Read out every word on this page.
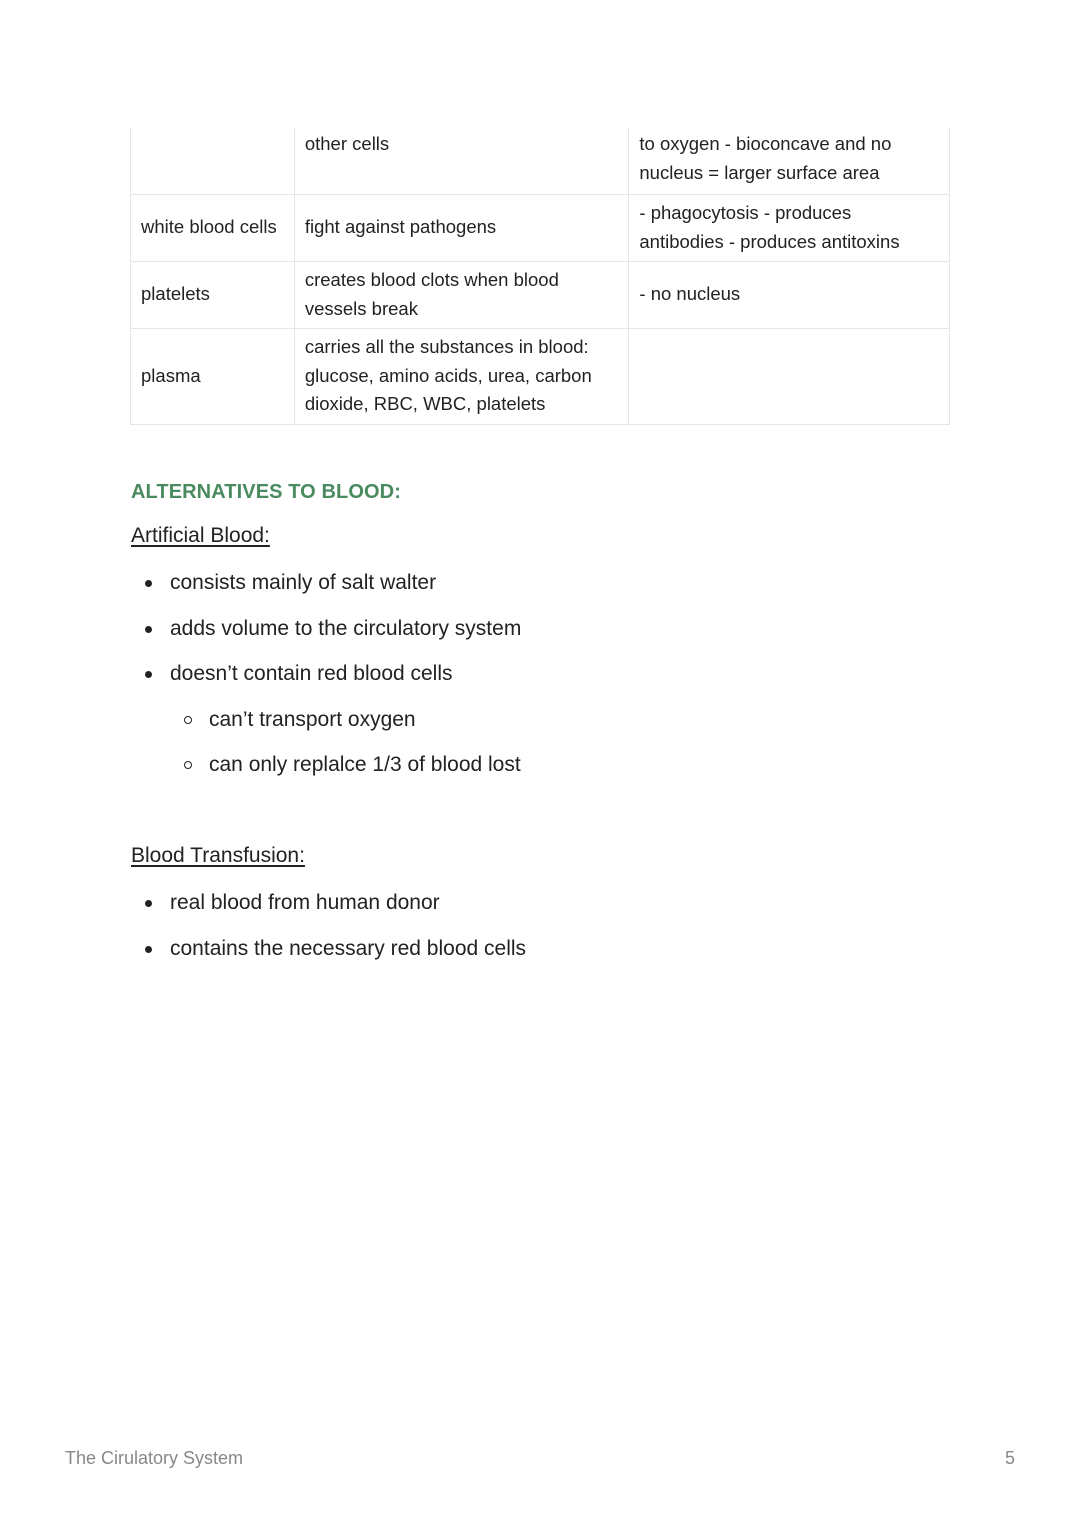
	other cells	to oxygen - bioconcave and no nucleus = larger surface area
white blood cells	fight against pathogens	- phagocytosis - produces antibodies - produces antitoxins
platelets	creates blood clots when blood vessels break	- no nucleus
plasma	carries all the substances in blood: glucose, amino acids, urea, carbon dioxide, RBC, WBC, platelets	
ALTERNATIVES TO BLOOD:
Artificial Blood:
consists mainly of salt walter
adds volume to the circulatory system
doesn’t contain red blood cells
can’t transport oxygen
can only replalce 1/3 of blood lost
Blood Transfusion:
real blood from human donor
contains the necessary red blood cells
The Cirulatory System	5
